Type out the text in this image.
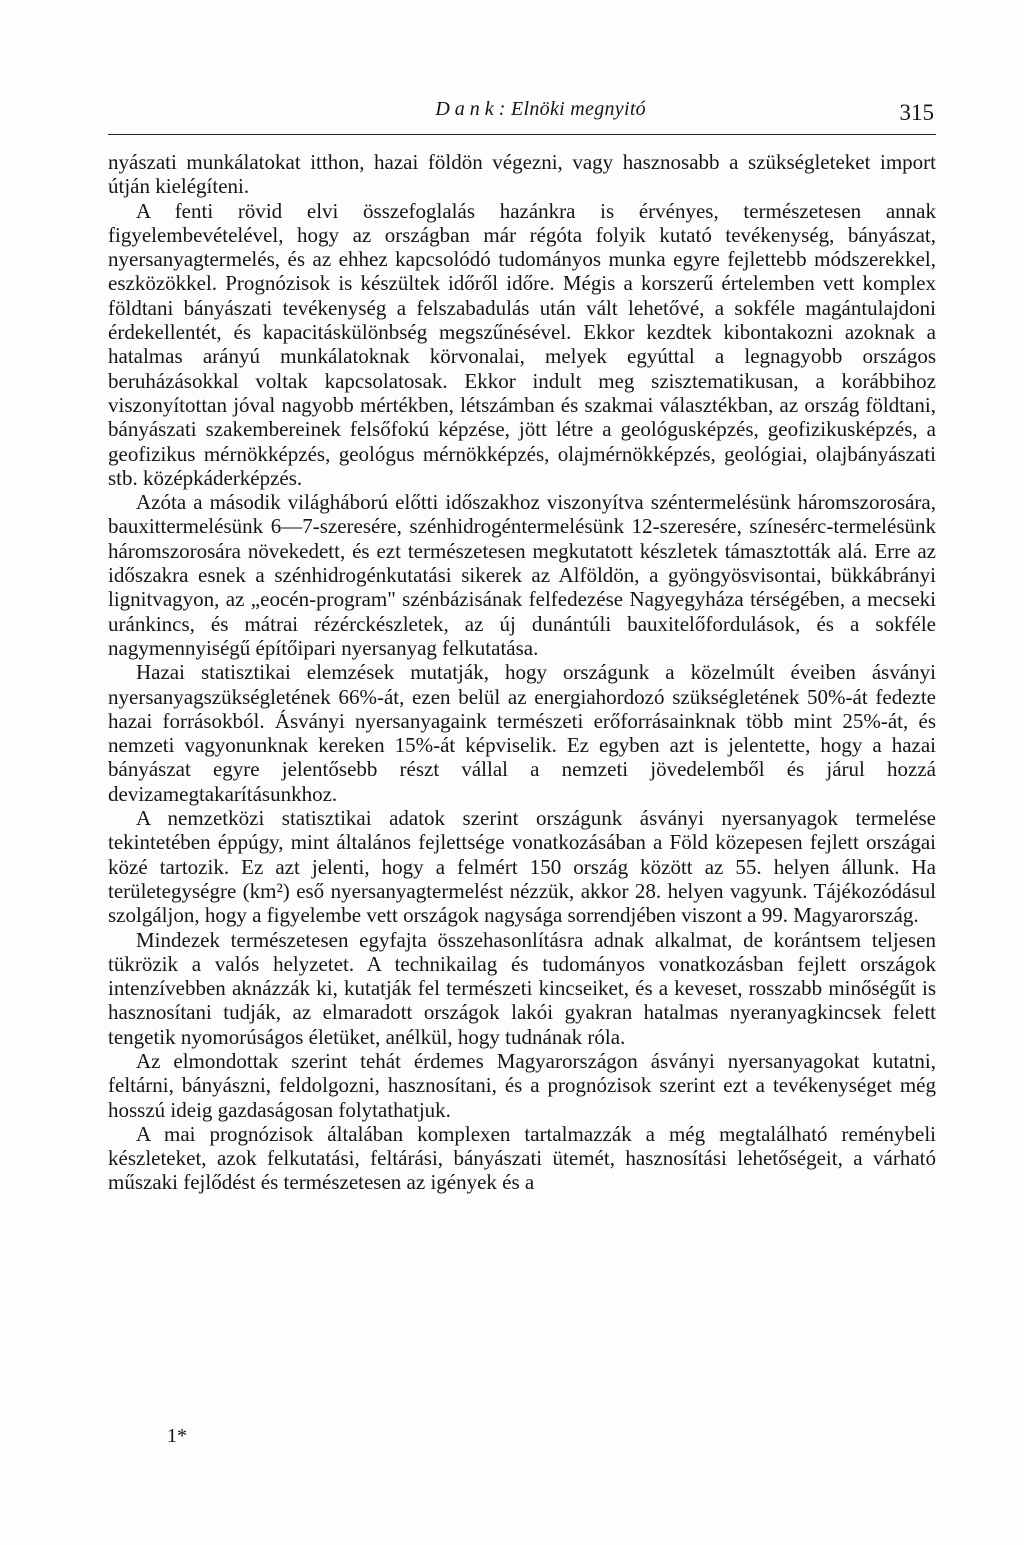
Dank: Elnöki megnyitó	315

nyászati munkálatokat itthon, hazai földön végezni, vagy hasznosabb a szükségleteket import útján kielégíteni.

A fenti rövid elvi összefoglalás hazánkra is érvényes, természetesen annak figyelembevételével, hogy az országban már régóta folyik kutató tevékenység, bányászat, nyersanyagtermelés, és az ehhez kapcsolódó tudományos munka egyre fejlettebb módszerekkel, eszközökkel. Prognózisok is készültek időről időre. Mégis a korszerű értelemben vett komplex földtani bányászati tevékenység a felszabadulás után vált lehetővé, a sokféle magántulajdoni érdekellentét, és kapacitáskülönbség megszűnésével. Ekkor kezdtek kibontakozni azoknak a hatalmas arányú munkálatoknak körvonalai, melyek egyúttal a legnagyobb országos beruházásokkal voltak kapcsolatosak. Ekkor indult meg szisztematikusan, a korábbihoz viszonyítottan jóval nagyobb mértékben, létszámban és szakmai választékban, az ország földtani, bányászati szakembereinek felsőfokú képzése, jött létre a geológusképzés, geofizikusképzés, a geofizikus mérnökképzés, geológus mérnökképzés, olajmérnökképzés, geológiai, olajbányászati stb. középkáderképzés.

Azóta a második világháború előtti időszakhoz viszonyítva széntermelésünk háromszorosára, bauxittermelésünk 6—7-szeresére, szénhidrogéntermelésünk 12-szeresére, színesérc-termelésünk háromszorosára növekedett, és ezt természetesen megkutatott készletek támasztották alá. Erre az időszakra esnek a szénhidrogénkutatási sikerek az Alföldön, a gyöngyösvisontai, bükkábrányi lignitvagyon, az „eocén-program" szénbázisának felfedezése Nagyegyháza térségében, a mecseki uránkincs, és mátrai rézérckészletek, az új dunántúli bauxitelőfordulások, és a sokféle nagymennyiségű építőipari nyersanyag felkutatása.

Hazai statisztikai elemzések mutatják, hogy országunk a közelmúlt éveiben ásványi nyersanyagszükségletének 66%-át, ezen belül az energiahordozó szükségletének 50%-át fedezte hazai forrásokból. Ásványi nyersanyagaink természeti erőforrásainknak több mint 25%-át, és nemzeti vagyonunknak kereken 15%-át képviselik. Ez egyben azt is jelentette, hogy a hazai bányászat egyre jelentősebb részt vállal a nemzeti jövedelemből és járul hozzá devizamegtakarításunkhoz.

A nemzetközi statisztikai adatok szerint országunk ásványi nyersanyagok termelése tekintetében éppúgy, mint általános fejlettsége vonatkozásában a Föld közepesen fejlett országai közé tartozik. Ez azt jelenti, hogy a felmért 150 ország között az 55. helyen állunk. Ha területegységre (km²) eső nyersanyagtermelést nézzük, akkor 28. helyen vagyunk. Tájékozódásul szolgáljon, hogy a figyelembe vett országok nagysága sorrendjében viszont a 99. Magyarország.

Mindezek természetesen egyfajta összehasonlításra adnak alkalmat, de korántsem teljesen tükrözik a valós helyzetet. A technikailag és tudományos vonatkozásban fejlett országok intenzívebben aknázzák ki, kutatják fel természeti kincseiket, és a keveset, rosszabb minőségűt is hasznosítani tudják, az elmaradott országok lakói gyakran hatalmas nyeranyagkincsek felett tengetik nyomorúságos életüket, anélkül, hogy tudnának róla.

Az elmondottak szerint tehát érdemes Magyarországon ásványi nyersanyagokat kutatni, feltárni, bányászni, feldolgozni, hasznosítani, és a prognózisok szerint ezt a tevékenységet még hosszú ideig gazdaságosan folytathatjuk.

A mai prognózisok általában komplexen tartalmazzák a még megtalálható reménybeli készleteket, azok felkutatási, feltárási, bányászati ütemét, hasznosítási lehetőségeit, a várható műszaki fejlődést és természetesen az igények és a

1*
